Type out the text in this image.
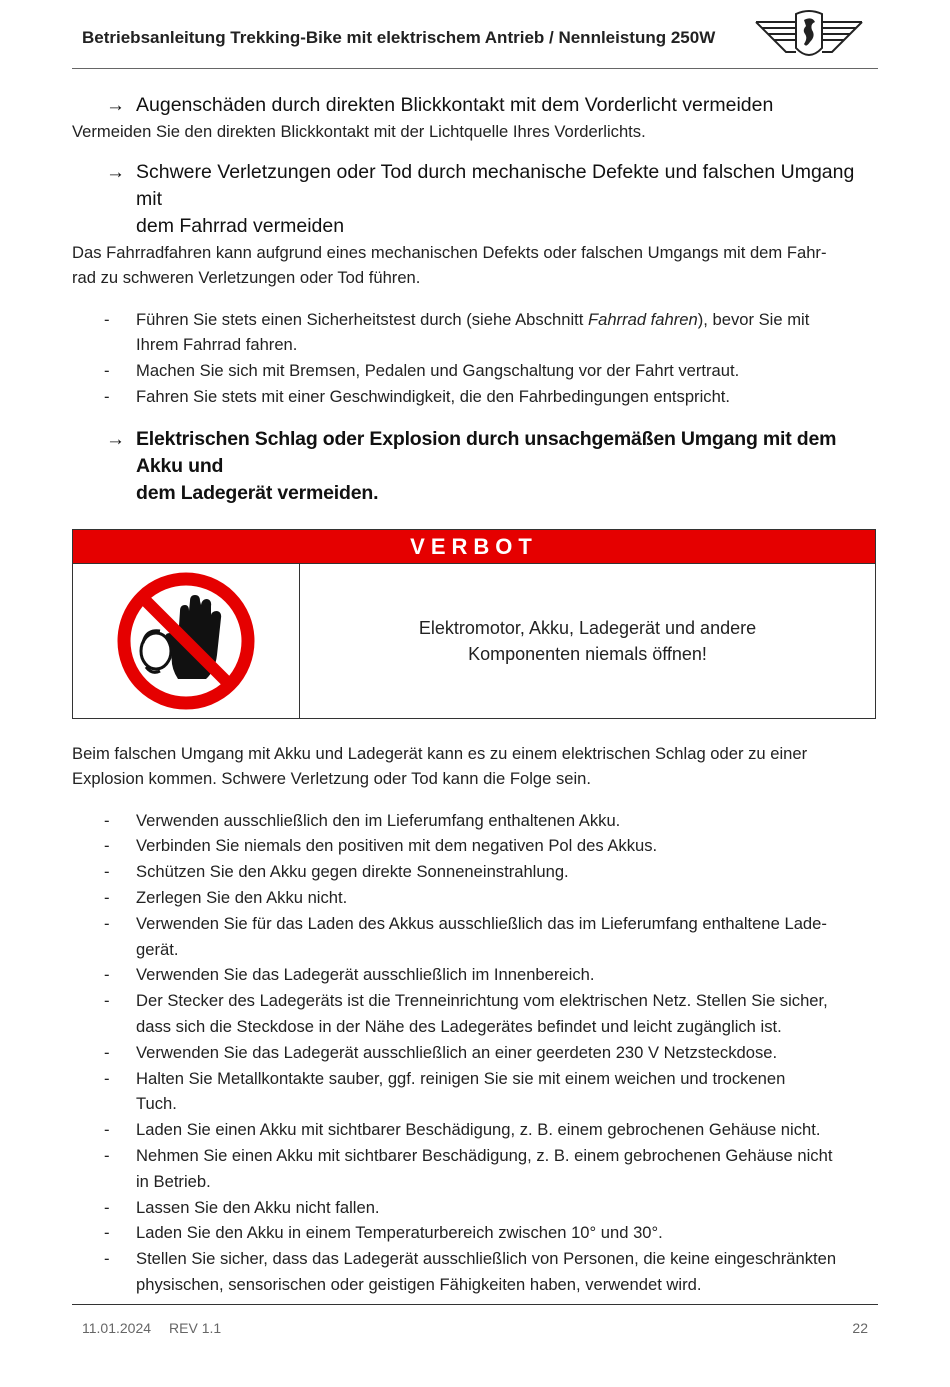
Betriebsanleitung Trekking-Bike mit elektrischem Antrieb / Nennleistung 250W
→ Augenschäden durch direkten Blickkontakt mit dem Vorderlicht vermeiden

Vermeiden Sie den direkten Blickkontakt mit der Lichtquelle Ihres Vorderlichts.

→ Schwere Verletzungen oder Tod durch mechanische Defekte und falschen Umgang mit
dem Fahrrad vermeiden

Das Fahrradfahren kann aufgrund eines mechanischen Defekts oder falschen Umgangs mit dem Fahr-
rad zu schweren Verletzungen oder Tod führen.

- Führen Sie stets einen Sicherheitstest durch (siehe Abschnitt Fahrrad fahren), bevor Sie mit
Ihrem Fahrrad fahren.
- Machen Sie sich mit Bremsen, Pedalen und Gangschaltung vor der Fahrt vertraut.
- Fahren Sie stets mit einer Geschwindigkeit, die den Fahrbedingungen entspricht.
→ Elektrischen Schlag oder Explosion durch unsachgemäßen Umgang mit dem Akku und
dem Ladegerät vermeiden.
VERBOT
Elektromotor, Akku, Ladegerät und andere
Komponenten niemals öffnen!

Beim falschen Umgang mit Akku und Ladegerät kann es zu einem elektrischen Schlag oder zu einer
Explosion kommen. Schwere Verletzung oder Tod kann die Folge sein.

- Verwenden ausschließlich den im Lieferumfang enthaltenen Akku.
- Verbinden Sie niemals den positiven mit dem negativen Pol des Akkus.
- Schützen Sie den Akku gegen direkte Sonneneinstrahlung.
- Zerlegen Sie den Akku nicht.
- Verwenden Sie für das Laden des Akkus ausschließlich das im Lieferumfang enthaltene Lade-
gerät.
- Verwenden Sie das Ladegerät ausschließlich im Innenbereich.
- Der Stecker des Ladegeräts ist die Trenneinrichtung vom elektrischen Netz. Stellen Sie sicher,
dass sich die Steckdose in der Nähe des Ladegerätes befindet und leicht zugänglich ist.
- Verwenden Sie das Ladegerät ausschließlich an einer geerdeten 230 V Netzsteckdose.
- Halten Sie Metallkontakte sauber, ggf. reinigen Sie sie mit einem weichen und trockenen
Tuch.
- Laden Sie einen Akku mit sichtbarer Beschädigung, z. B. einem gebrochenen Gehäuse nicht.
- Nehmen Sie einen Akku mit sichtbarer Beschädigung, z. B. einem gebrochenen Gehäuse nicht
in Betrieb.
- Lassen Sie den Akku nicht fallen.
- Laden Sie den Akku in einem Temperaturbereich zwischen 10° und 30°.
- Stellen Sie sicher, dass das Ladegerät ausschließlich von Personen, die keine eingeschränkten
physischen, sensorischen oder geistigen Fähigkeiten haben, verwendet wird.
11.01.2024 REV 1.1	22
